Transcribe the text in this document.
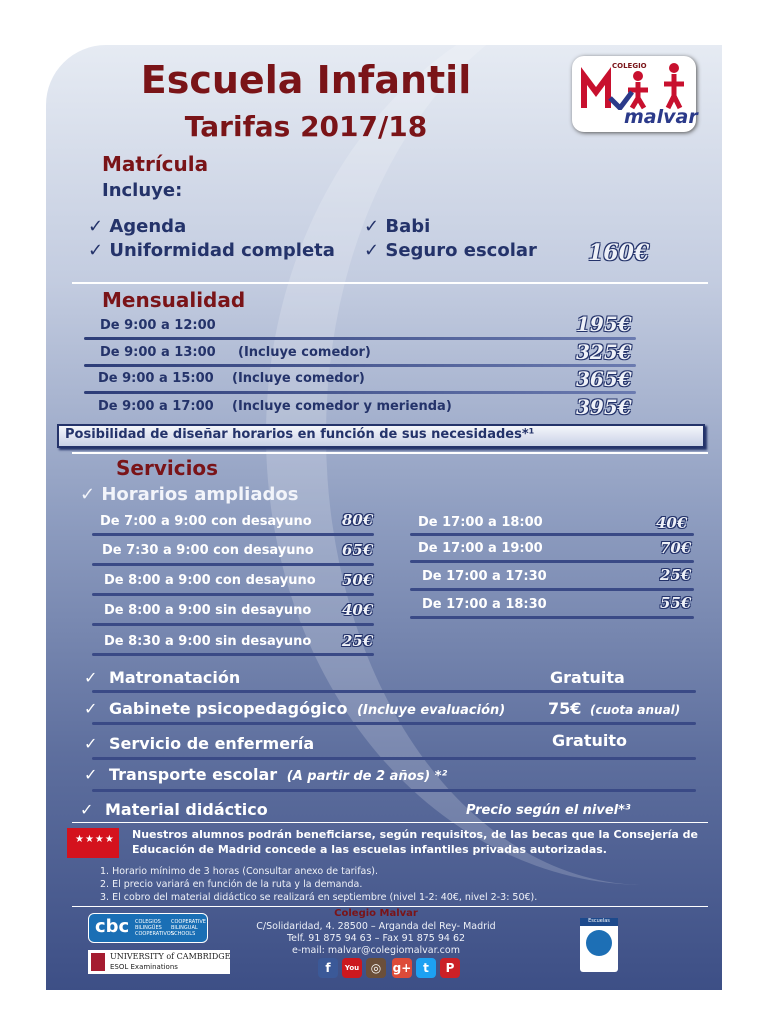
Escuela Infantil
Tarifas 2017/18
COLEGIO
malvar
Matrícula
Incluye:
✓ Agenda
✓ Uniformidad completa
✓ Babi
✓ Seguro escolar 160€
Mensualidad
De 9:00 a 12:00	195€
De 9:00 a 13:00 (Incluye comedor)	325€
De 9:00 a 15:00 (Incluye comedor)	365€
De 9:00 a 17:00 (Incluye comedor y merienda)	395€
Posibilidad de diseñar horarios en función de sus necesidades*¹
Servicios
✓ Horarios ampliados
De 7:00 a 9:00 con desayuno 80€
De 7:30 a 9:00 con desayuno 65€
De 8:00 a 9:00 con desayuno 50€
De 8:00 a 9:00 sin desayuno 40€
De 8:30 a 9:00 sin desayuno 25€
De 17:00 a 18:00	40€
De 17:00 a 19:00	70€
De 17:00 a 17:30	25€
De 17:00 a 18:30	55€
✓ Matronatación	Gratuita
✓ Gabinete psicopedagógico (Incluye evaluación)	75€ (cuota anual)
✓ Servicio de enfermería	Gratuito
✓ Transporte escolar (A partir de 2 años) *²
✓ Material didáctico	Precio según el nivel*³
★★★★ Nuestros alumnos podrán beneficiarse, según requisitos, de las becas que la Consejería de
Educación de Madrid concede a las escuelas infantiles privadas autorizadas.
1. Horario mínimo de 3 horas (Consultar anexo de tarifas).
2. El precio variará en función de la ruta y la demanda.
3. El cobro del material didáctico se realizará en septiembre (nivel 1-2: 40€, nivel 2-3: 50€).
Colegio Malvar
C/Solidaridad, 4. 28500 – Arganda del Rey- Madrid
Telf. 91 875 94 63 – Fax 91 875 94 62
e-mail: malvar@colegiomalvar.com
cbc COLEGIOS BILINGÜES COOPERATIVOS
COOPERATIVE BILINGUAL SCHOOLS
UNIVERSITY of CAMBRIDGE
ESOL Examinations
Escuelas
f	You ◎ g+ t	P
